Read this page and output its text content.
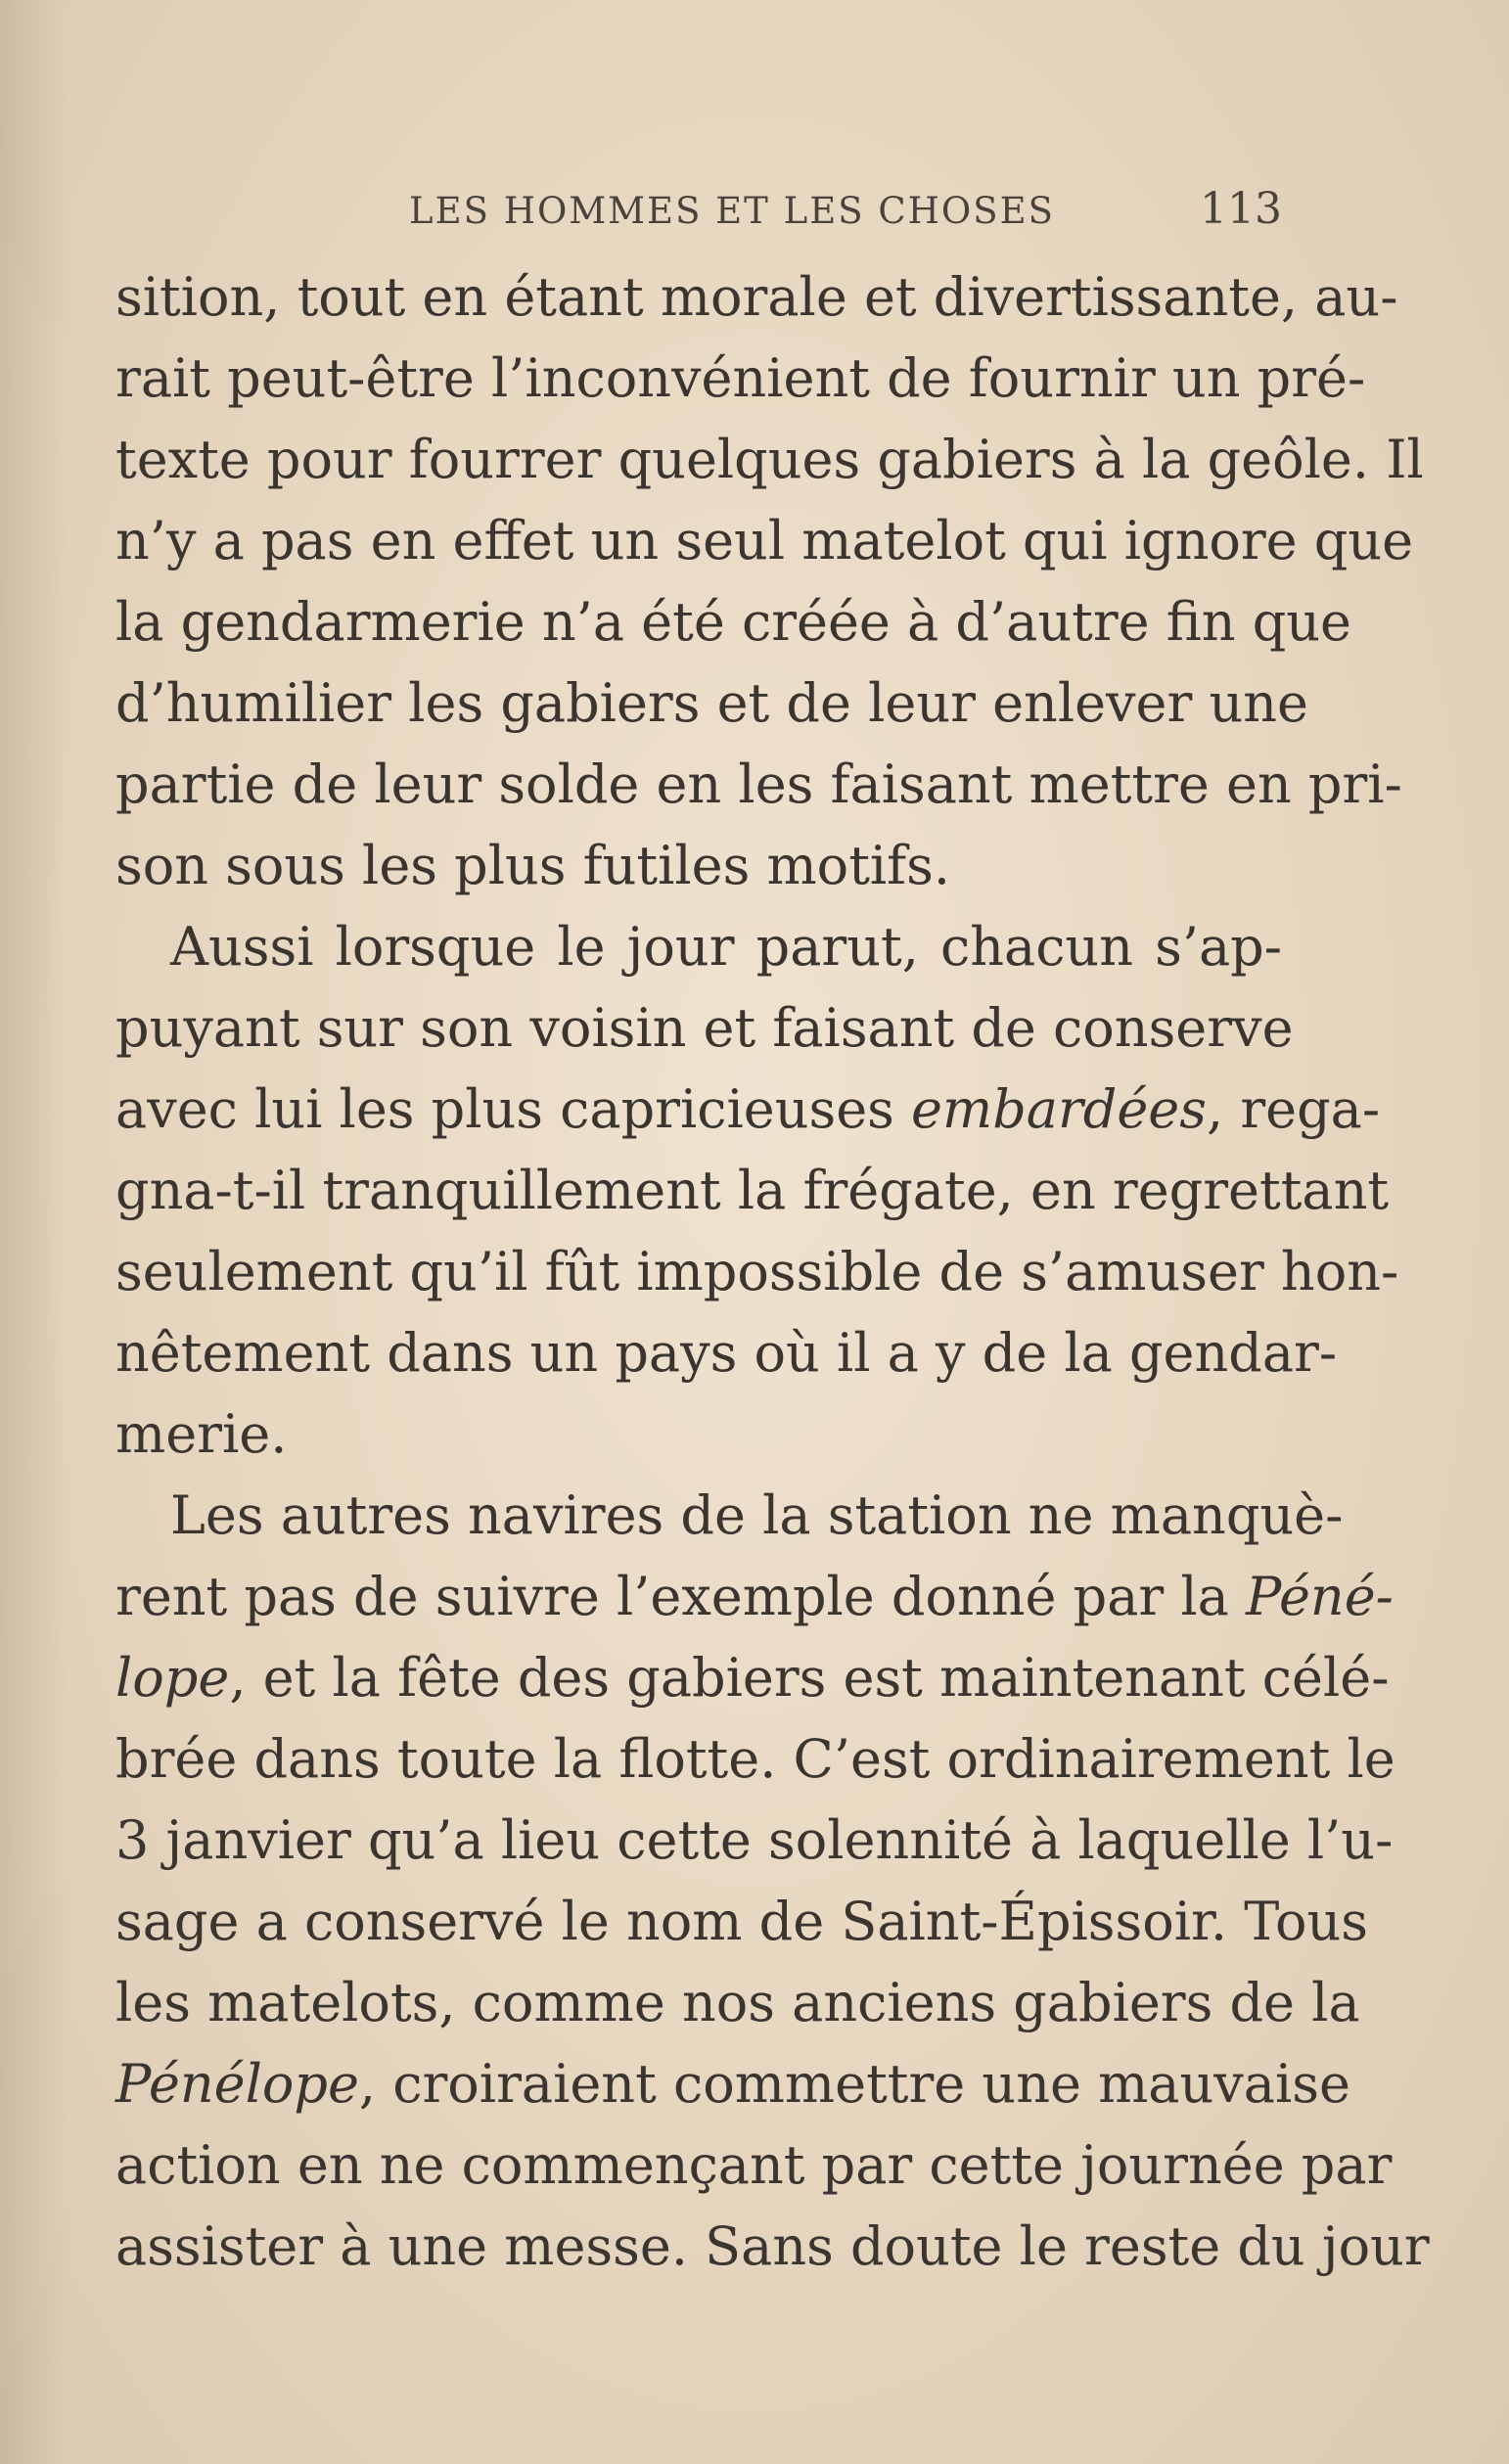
LES HOMMES ET LES CHOSES	113
sition, tout en étant morale et divertissante, au-
rait peut-être l’inconvénient de fournir un pré-
texte pour fourrer quelques gabiers à la geôle. Il
n’y a pas en effet un seul matelot qui ignore que
la gendarmerie n’a été créée à d’autre fin que
d’humilier les gabiers et de leur enlever une
partie de leur solde en les faisant mettre en pri-
son sous les plus futiles motifs.
Aussi lorsque le jour parut, chacun s’ap-
puyant sur son voisin et faisant de conserve
avec lui les plus capricieuses embardées, rega-
gna-t-il tranquillement la frégate, en regrettant
seulement qu’il fût impossible de s’amuser hon-
nêtement dans un pays où il a y de la gendar-
merie.
Les autres navires de la station ne manquè-
rent pas de suivre l’exemple donné par la Péné-
lope, et la fête des gabiers est maintenant célé-
brée dans toute la flotte. C’est ordinairement le
3 janvier qu’a lieu cette solennité à laquelle l’u-
sage a conservé le nom de Saint-Épissoir. Tous
les matelots, comme nos anciens gabiers de la
Pénélope, croiraient commettre une mauvaise
action en ne commençant par cette journée par
assister à une messe. Sans doute le reste du jour
